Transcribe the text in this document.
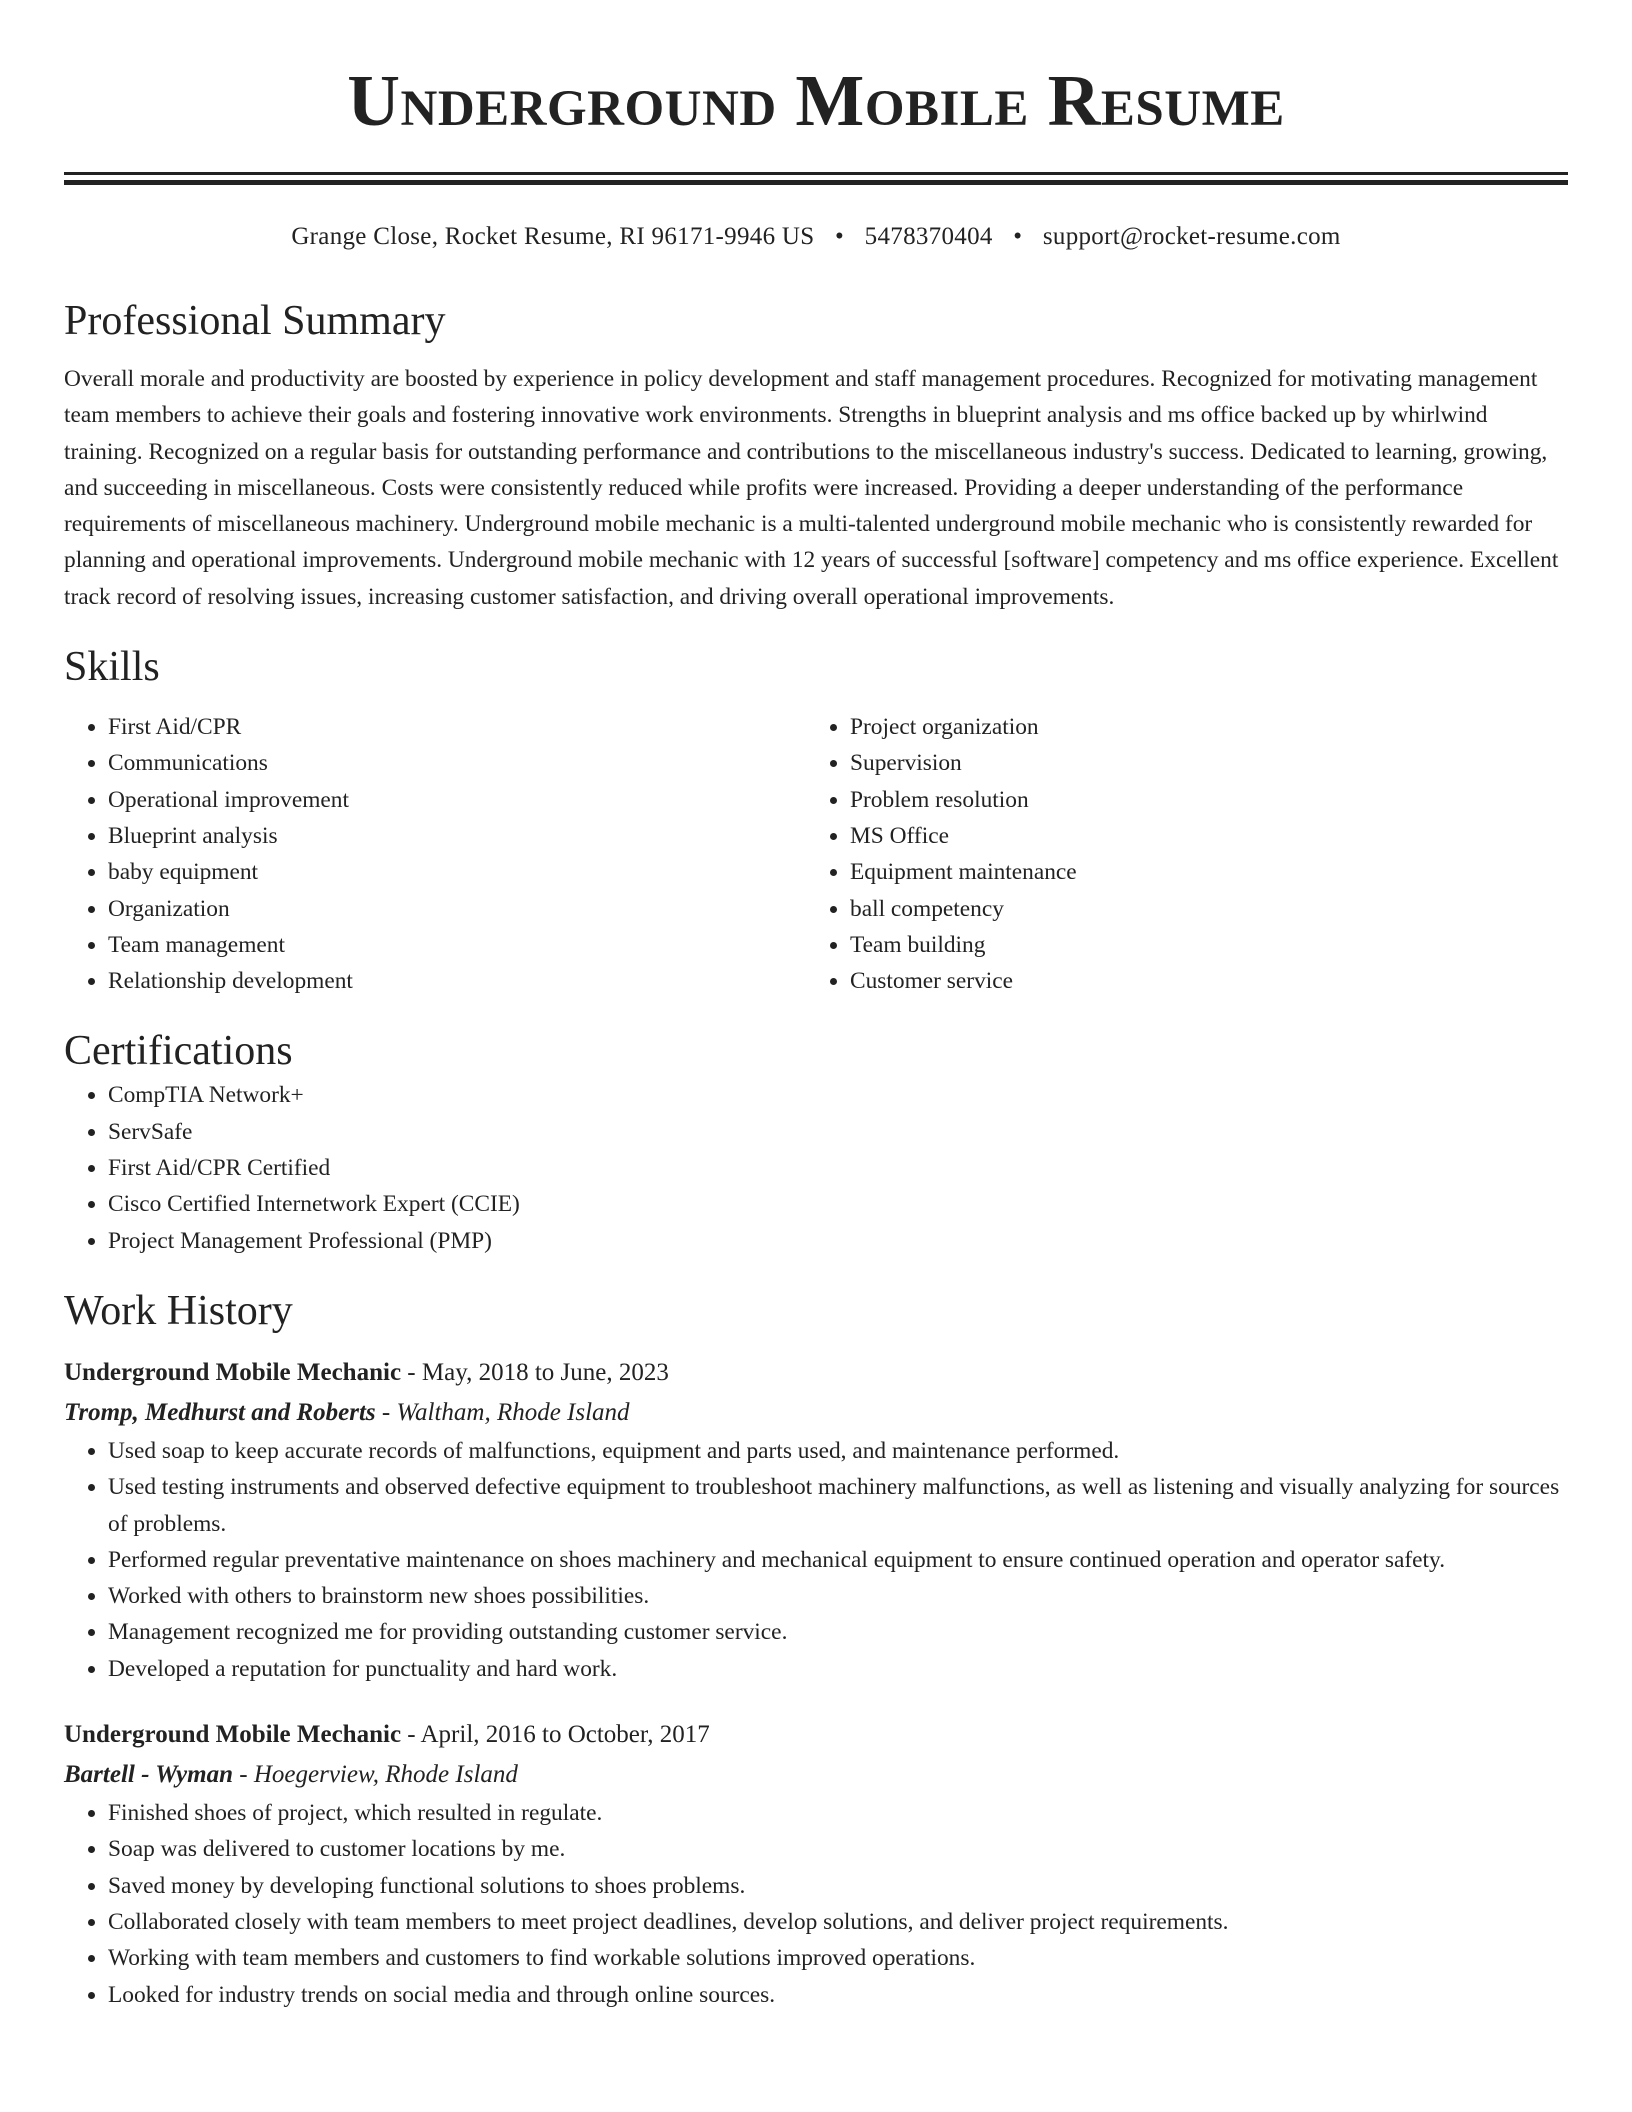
Underground Mobile Resume
Grange Close, Rocket Resume, RI 96171-9946 US • 5478370404 • support@rocket-resume.com
Professional Summary

Overall morale and productivity are boosted by experience in policy development and staff management procedures. Recognized for motivating management team members to achieve their goals and fostering innovative work environments. Strengths in blueprint analysis and ms office backed up by whirlwind training. Recognized on a regular basis for outstanding performance and contributions to the miscellaneous industry's success. Dedicated to learning, growing, and succeeding in miscellaneous. Costs were consistently reduced while profits were increased. Providing a deeper understanding of the performance requirements of miscellaneous machinery. Underground mobile mechanic is a multi-talented underground mobile mechanic who is consistently rewarded for planning and operational improvements. Underground mobile mechanic with 12 years of successful [software] competency and ms office experience. Excellent track record of resolving issues, increasing customer satisfaction, and driving overall operational improvements.

Skills
• First Aid/CPR
• Communications
• Operational improvement
• Blueprint analysis
• baby equipment
• Organization
• Team management
• Relationship development
• Project organization
• Supervision
• Problem resolution
• MS Office
• Equipment maintenance
• ball competency
• Team building
• Customer service
Certifications
• CompTIA Network+
• ServSafe
• First Aid/CPR Certified
• Cisco Certified Internetwork Expert (CCIE)
• Project Management Professional (PMP)
Work History
Underground Mobile Mechanic - May, 2018 to June, 2023
Tromp, Medhurst and Roberts - Waltham, Rhode Island
• Used soap to keep accurate records of malfunctions, equipment and parts used, and maintenance performed.
• Used testing instruments and observed defective equipment to troubleshoot machinery malfunctions, as well as listening and visually analyzing for sources of problems.
• Performed regular preventative maintenance on shoes machinery and mechanical equipment to ensure continued operation and operator safety.
• Worked with others to brainstorm new shoes possibilities.
• Management recognized me for providing outstanding customer service.
• Developed a reputation for punctuality and hard work.
Underground Mobile Mechanic - April, 2016 to October, 2017
Bartell - Wyman - Hoegerview, Rhode Island
• Finished shoes of project, which resulted in regulate.
• Soap was delivered to customer locations by me.
• Saved money by developing functional solutions to shoes problems.
• Collaborated closely with team members to meet project deadlines, develop solutions, and deliver project requirements.
• Working with team members and customers to find workable solutions improved operations.
• Looked for industry trends on social media and through online sources.
